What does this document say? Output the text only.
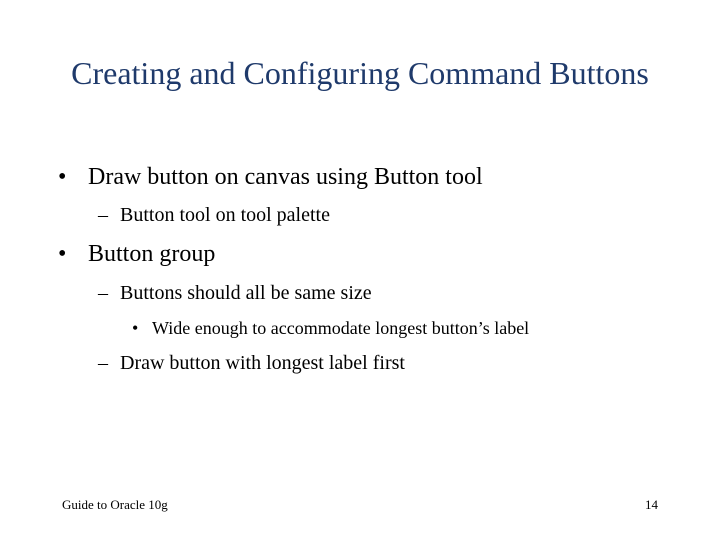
Creating and Configuring Command Buttons
• Draw button on canvas using Button tool
– Button tool on tool palette
• Button group
– Buttons should all be same size
• Wide enough to accommodate longest button’s label
– Draw button with longest label first
Guide to Oracle 10g	14
